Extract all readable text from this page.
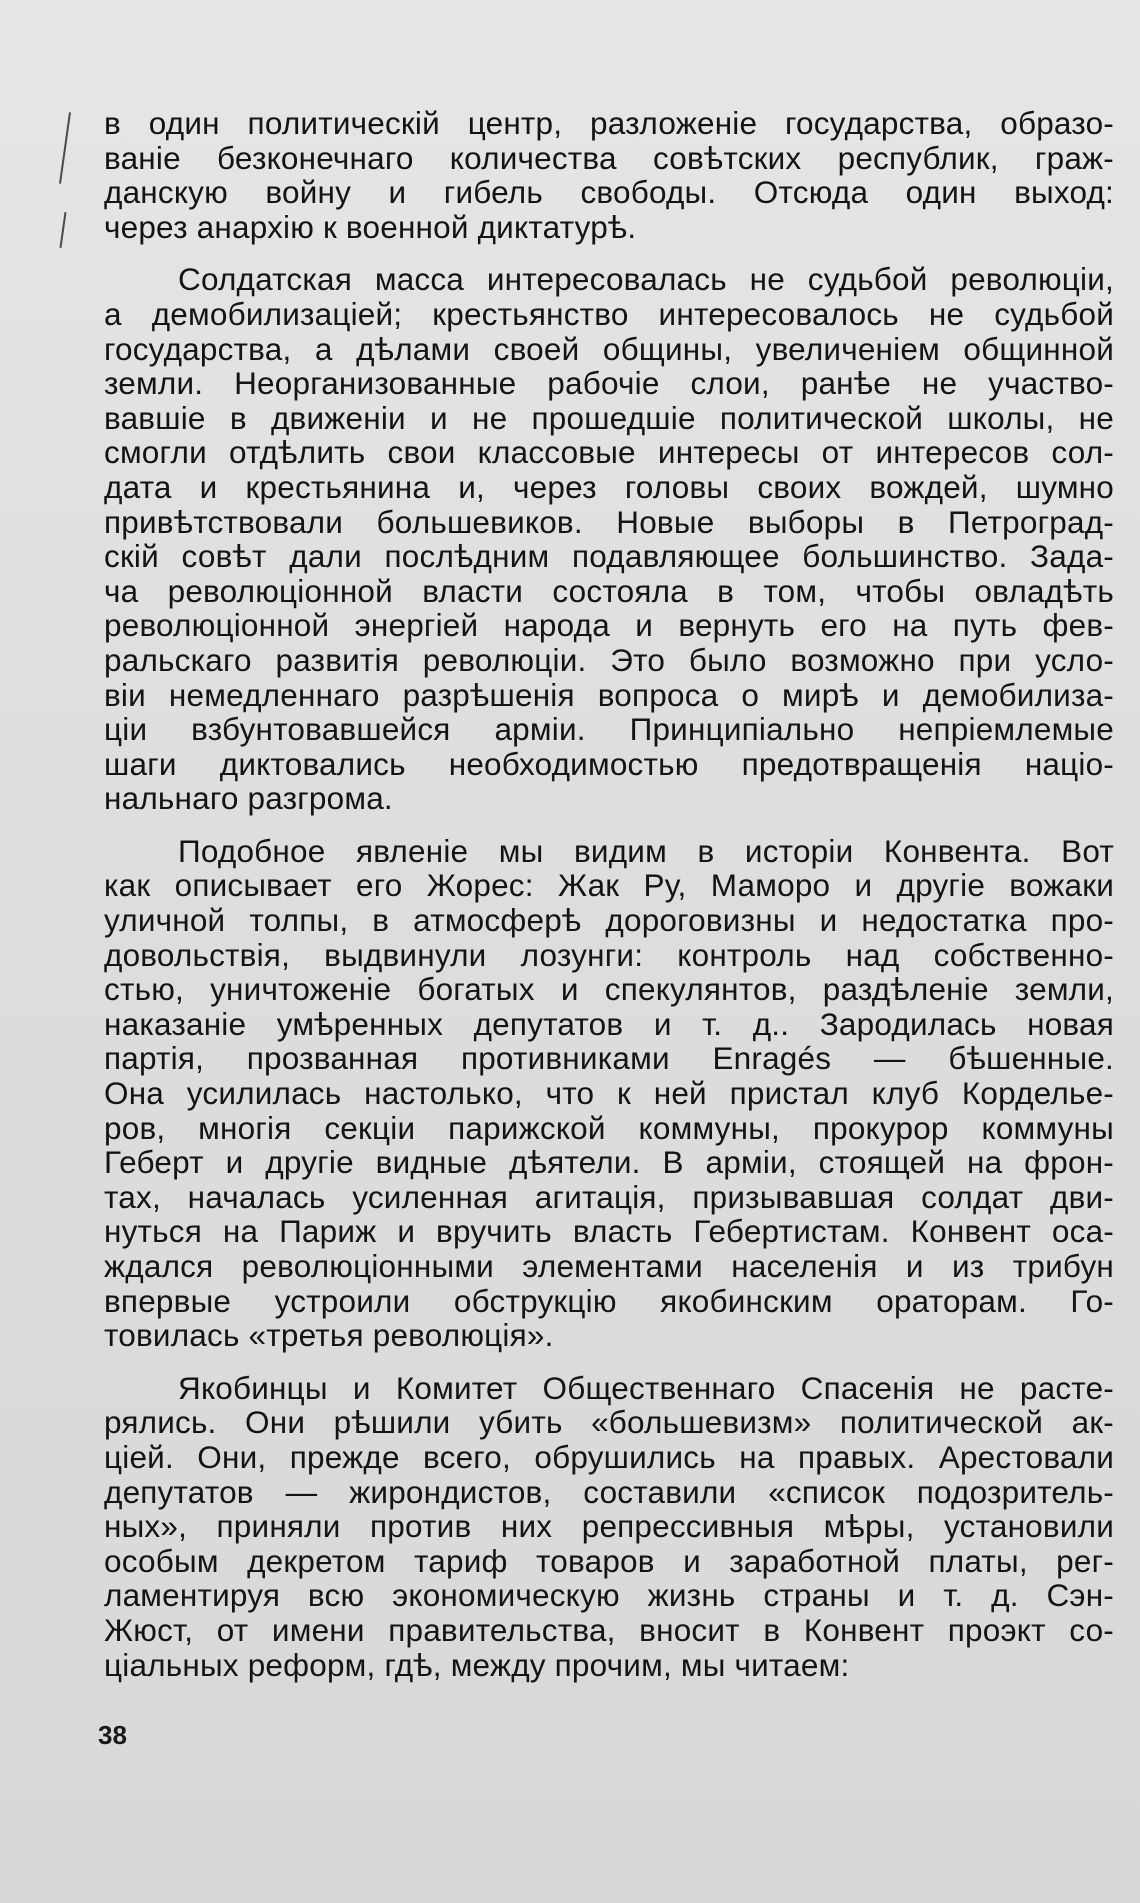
в один политическій центр, разложеніе государства, образо-
ваніе безконечнаго количества совѣтских республик, граж-
данскую войну и гибель свободы. Отсюда один выход:
через анархію к военной диктатурѣ.
Солдатская масса интересовалась не судьбой революціи,
а демобилизаціей; крестьянство интересовалось не судьбой
государства, а дѣлами своей общины, увеличеніем общинной
земли. Неорганизованные рабочіе слои, ранѣе не участво-
вавшіе в движеніи и не прошедшіе политической школы, не
смогли отдѣлить свои классовые интересы от интересов сол-
дата и крестьянина и, через головы своих вождей, шумно
привѣтствовали большевиков. Новые выборы в Петроград-
скій совѣт дали послѣдним подавляющее большинство. Зада-
ча революціонной власти состояла в том, чтобы овладѣть
революціонной энергіей народа и вернуть его на путь фев-
ральскаго развитія революціи. Это было возможно при усло-
віи немедленнаго разрѣшенія вопроса о мирѣ и демобилиза-
ціи взбунтовавшейся арміи. Принципіально непріемлемые
шаги диктовались необходимостью предотвращенія націо-
нальнаго разгрома.
Подобное явленіе мы видим в исторіи Конвента. Вот
как описывает его Жорес: Жак Ру, Маморо и другіе вожаки
уличной толпы, в атмосферѣ дороговизны и недостатка про-
довольствія, выдвинули лозунги: контроль над собственно-
стью, уничтоженіе богатых и спекулянтов, раздѣленіе земли,
наказаніе умѣренных депутатов и т. д.. Зародилась новая
партія, прозванная противниками Enragés — бѣшенные.
Она усилилась настолько, что к ней пристал клуб Корделье-
ров, многія секціи парижской коммуны, прокурор коммуны
Геберт и другіе видные дѣятели. В арміи, стоящей на фрон-
тах, началась усиленная агитація, призывавшая солдат дви-
нуться на Париж и вручить власть Гебертистам. Конвент оса-
ждался революціонными элементами населенія и из трибун
впервые устроили обструкцію якобинским ораторам. Го-
товилась «третья революція».
Якобинцы и Комитет Общественнаго Спасенія не расте-
рялись. Они рѣшили убить «большевизм» политической ак-
ціей. Они, прежде всего, обрушились на правых. Арестовали
депутатов — жирондистов, составили «список подозритель-
ных», приняли против них репрессивныя мѣры, установили
особым декретом тариф товаров и заработной платы, рег-
ламентируя всю экономическую жизнь страны и т. д. Сэн-
Жюст, от имени правительства, вносит в Конвент проэкт со-
ціальных реформ, гдѣ, между прочим, мы читаем:
38
